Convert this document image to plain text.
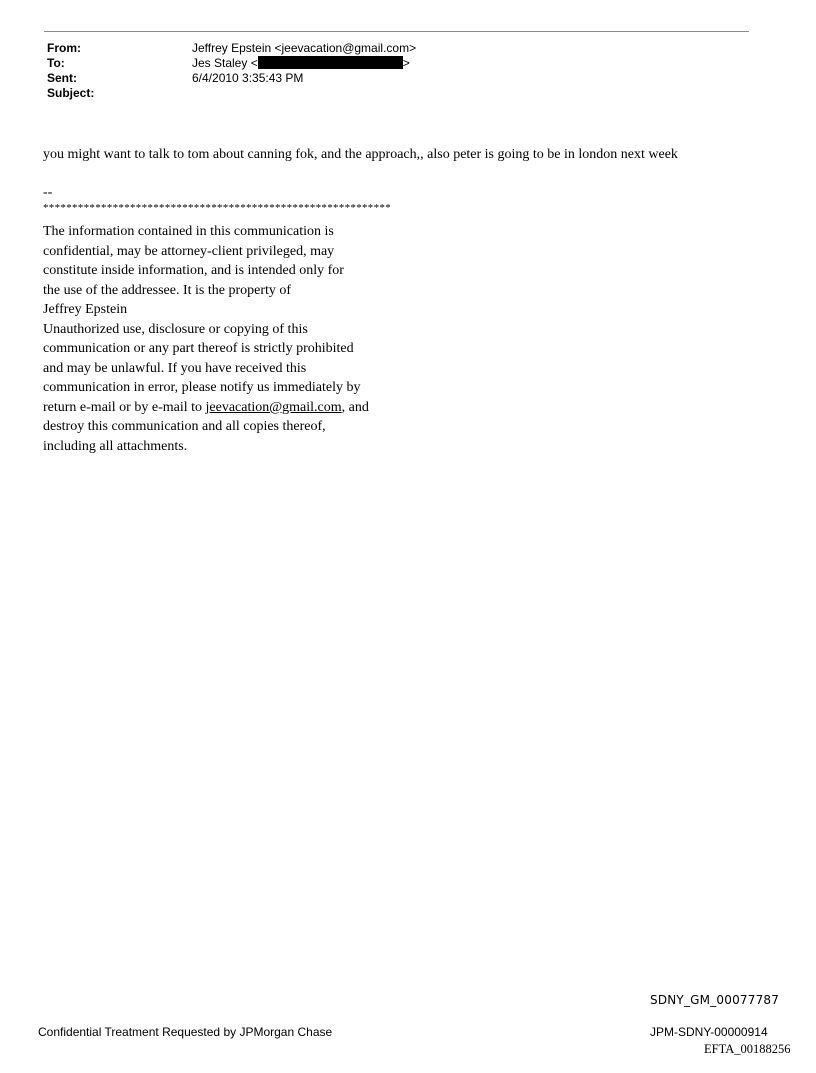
From:	Jeffrey Epstein <jeevacation@gmail.com>
To:	Jes Staley <	>
Sent:	6/4/2010 3:35:43 PM
Subject:
you might want to talk to tom about canning fok, and the approach,, also peter is going to be in london next week
--
************************************************************
The information contained in this communication is
confidential, may be attorney-client privileged, may
constitute inside information, and is intended only for
the use of the addressee. It is the property of
Jeffrey Epstein
Unauthorized use, disclosure or copying of this
communication or any part thereof is strictly prohibited
and may be unlawful. If you have received this
communication in error, please notify us immediately by
return e-mail or by e-mail to jeevacation@gmail.com, and
destroy this communication and all copies thereof,
including all attachments.
SDNY_GM_00077787
Confidential Treatment Requested by JPMorgan Chase	JPM-SDNY-00000914
EFTA_00188256
